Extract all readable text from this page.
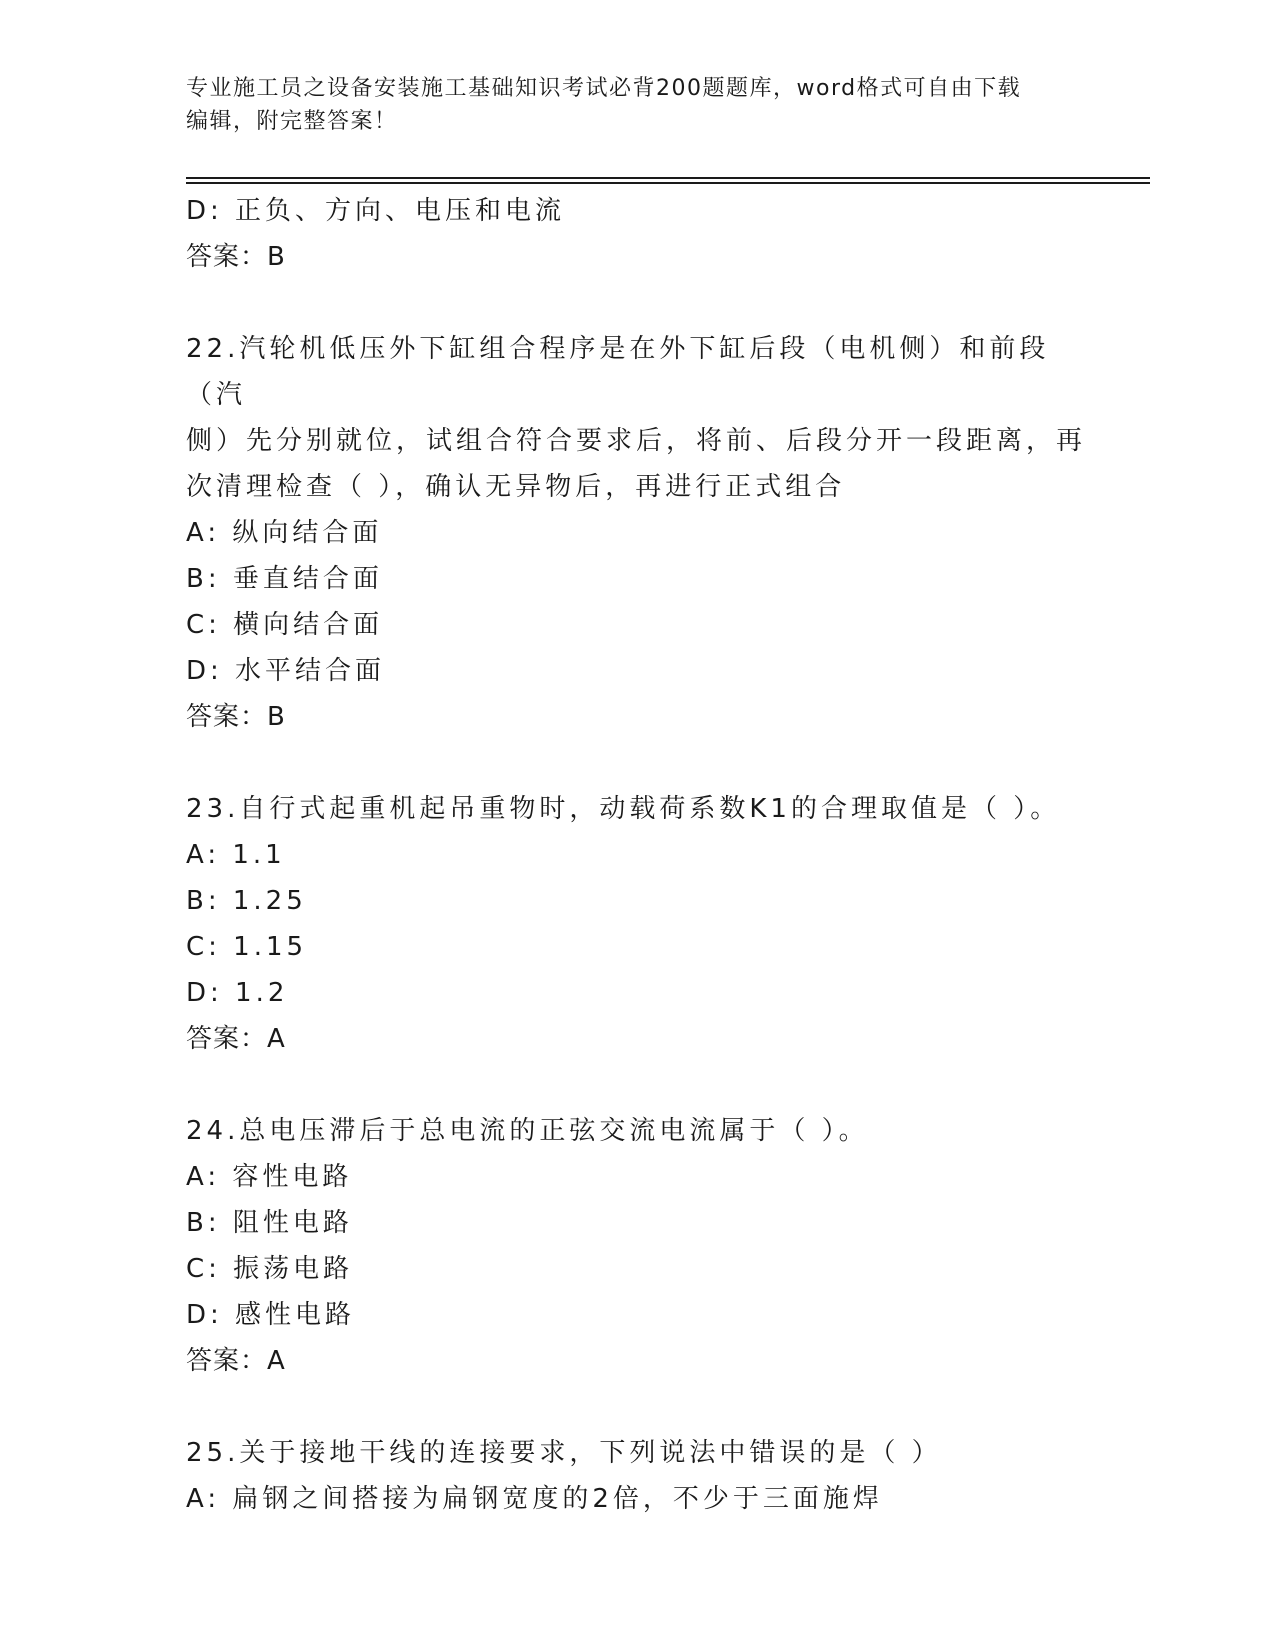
专业施工员之设备安装施工基础知识考试必背200题题库，word格式可自由下载
编辑，附完整答案！

D: 正负、方向、电压和电流

答案：B

22.汽轮机低压外下缸组合程序是在外下缸后段（电机侧）和前段（汽

侧）先分别就位，试组合符合要求后，将前、后段分开一段距离，再

次清理检查（ ），确认无异物后，再进行正式组合

A: 纵向结合面

B: 垂直结合面

C: 横向结合面

D: 水平结合面

答案：B

23.自行式起重机起吊重物时，动载荷系数K1的合理取值是（ ）。

A: 1.1

B: 1.25

C: 1.15

D: 1.2

答案：A

24.总电压滞后于总电流的正弦交流电流属于（ ）。

A: 容性电路

B: 阻性电路

C: 振荡电路

D: 感性电路

答案：A

25.关于接地干线的连接要求，下列说法中错误的是（ ）

A: 扁钢之间搭接为扁钢宽度的2倍，不少于三面施焊
